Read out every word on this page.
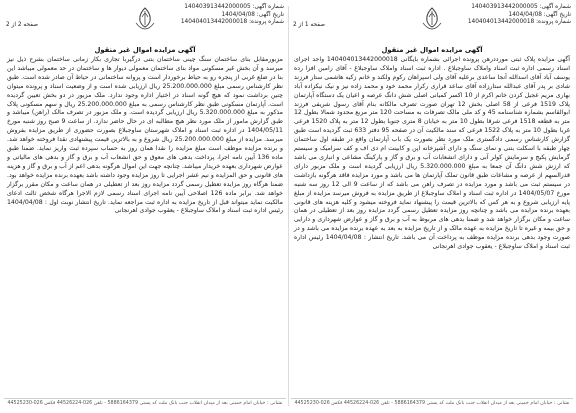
شماره آگهی: 140403913442000005
تاریخ آگهی: 1404/04/08
شماره پرونده: 140404013442000018
صفحه 1 از 2
آگهی مزایده اموال غیر منقول

آگهی مزایده پلاک ثبتی مورددرهن پرونده اجرائی بشماره بایگانی 140404013442000018 واحد اجرای اسناد رسمی اداره ثبت اسناد واملاک ساوجبلاغ . اداره ثبت اسناد واملاک ساوجبلاغ - آقای رامین افزا رده یوسف آباد آقای اسدالله آنجا ساعدی برعلیه آقای ولی اسپراهان رکوم ولکند و خانم زکیه هاشمی ستار فرزند شادی بر پدر آقای عبدالله ستارزاده آقای ساعد قراری رکرار محمد خود و محمد زاده نیز و نیک نیکزاده آباد بهاری مریم عجیل کردن خانم اکرم از 10 اکسر کمیانی اصلی شش دانگ عرصه و اعیان یک دستگاه آپارتمان پلاک 1519 فرعی از 58 اصلی بخش 12 تهران صورت تصرف مالکانه بنام آقای رسول شریفی فرزند ابوالقاسم بشماره شناسنامه 45 و کد ملی مالک تصرفات به مساحت 120 متر مربع محدود شمالا بطول 12 متر به قطعه 1518 فرعی شرقا بطول 10 متر به خیابان 8 متری جنوبا بطول 12 متر به پلاک 1520 فرعی غربا بطول 10 متر به پلاک 1522 فرعی که سند مالکیت آن در صفحه 95 دفتر 633 ثبت گردیده است طبق گزارش کارشناس رسمی دادگستری ملک مورد نظر بصورت یک باب آپارتمان واقع در طبقه اول ساختمان چهار طبقه با اسکلت بتنی و نمای سنگ و دارای آشپزخانه اپن و کابینت ام دی اف و کف سرامیک و سیستم گرمایش پکیج و سرمایش کولر آبی و دارای انشعابات آب و برق و گاز و پارکینگ مشاعی و انباری می باشد که ارزش شش دانگ آن جمعا به مبلغ 5.320.000.000 ریال ارزیابی گردیده است و ملک مزبور دارای قدرالسهم از عرصه و مشاعات طبق قانون تملک آپارتمان ها می باشد و مورد مزایده فاقد هرگونه بازداشت در سیستم ثبت می باشد و مورد مزایده در تصرف راهن می باشد که از ساعت 9 الی 12 روز سه شنبه مورخ 1404/05/07 در اداره ثبت اسناد و املاک ساوجبلاغ از طریق مزایده به فروش میرسد مزایده از مبلغ پایه ارزیابی شروع و به هر کس که بالاترین قیمت را پیشنهاد نماید فروخته میشود و کلیه هزینه های قانونی بعهده برنده مزایده می باشد و چنانچه روز مزایده تعطیل رسمی گردد مزایده روز بعد از تعطیلی در همان ساعت و مکان برگزار خواهد شد و ضمنا بدهی های مربوط به آب و برق و گاز و عوارض شهرداری و دارایی و حق بیمه و غیره تا تاریخ مزایده به عهده مالک و از تاریخ مزایده به بعد به عهده برنده مزایده می باشد و در صورت وجود بدهی برنده مزایده موظف به پرداخت آن می باشد. تاریخ انتشار : 1404/04/08 رئیس اداره ثبت اسناد و املاک ساوجبلاغ - یعقوب جوادی اهرنجانی

نشانی : خیابان امام خمینی بعد از میدان انقلاب جنب بانک ملت کد پستی 5886164379 - تلفن 026-44526224 فکس 026-44525230
شماره آگهی: 140403913442000005
تاریخ آگهی: 1404/04/08
شماره پرونده: 140404013442000018
صفحه 2 از 2
آگهی مزایده اموال غیر منقول

مزبورمقابل بنای ساختمان سنگ چینی ساختمان بتنی درگیربا تجاری بکار زمانی ساختمان بشرح ذیل نیز میرسد و آن بخش غیر مسکونی مواد بنای ساختمان معمولی دیوار ها و ساختمان در حد معمولی میباشد این بنا در ضلع غربی از پنجره رو به حیاط برخوردار است و پروانه ساختمانی در حیاط آن صادر شده است. طبق نظر کارشناس رسمی مبلغ 25.200.000.000 ریال ارزیابی شده است و از وضعیت اسناد و پرونده میتوان چنین برداشت نمود که هیچ گونه اسناد در اختیار اداره وجود ندارد. ملک مزبور در دو بخش تعیین گردیده است. آپارتمان مسکونی طبق نظر کارشناس رسمی به مبلغ 25.200.000.000 ریال و سهم مسکونی پلاک مذکور به مبلغ 5.320.000.000 ریال ارزیابی گردیده است. و ملک مزبور در تصرف مالک (راهن) میباشد و طبق گزارش مامور از ملک مورد نظر هیچ مطالبه ای در حال حاضر ندارد. از ساعت 9 صبح روز شنبه مورخ 1404/05/11 در اداره ثبت اسناد و املاک شهرستان ساوجبلاغ بصورت حضوری از طریق مزایده بفروش میرسد. مزایده از مبلغ 25.200.000.000 ریال شروع و به بالاترین قیمت پیشنهادی نقدا فروخته خواهد شد. و برنده مزایده موظف است مبلغ مزایده را نقدا همان روز به حساب سپرده ثبت واریز نماید. ضمنا طبق ماده 136 آیین نامه اجرا، پرداخت بدهی های معوق و حق انشعاب آب و برق و گاز و بدهی های مالیاتی و عوارض شهرداری بعهده خریدار میباشد. چنانچه جهت این اموال هرگونه بدهی اعم از آب و برق و گاز و هزینه های قانونی و حق المزایده و نیم عشر اجرایی تا روز مزایده وجود داشته باشد بعهده برنده مزایده خواهد بود. ضمنا هرگاه روز مزایده تعطیل رسمی گردد مزایده روز بعد از تعطیلی در همان ساعت و مکان مقرر برگزار خواهد شد. برابر ماده 126 اصلاحی آیین نامه اجرای اسناد رسمی لازم الاجرا هرگاه شخص ثالث ادعای مالکیت نماید میتواند قبل از تاریخ مزایده به اداره ثبت مراجعه نماید. تاریخ انتشار نوبت اول : 1404/04/08 رئیس اداره ثبت اسناد و املاک ساوجبلاغ - یعقوب جوادی اهرنجانی

نشانی : خیابان امام خمینی بعد از میدان انقلاب جنب بانک ملت کد پستی 5886164379 - تلفن 026-44526224 فکس 026-44525230
